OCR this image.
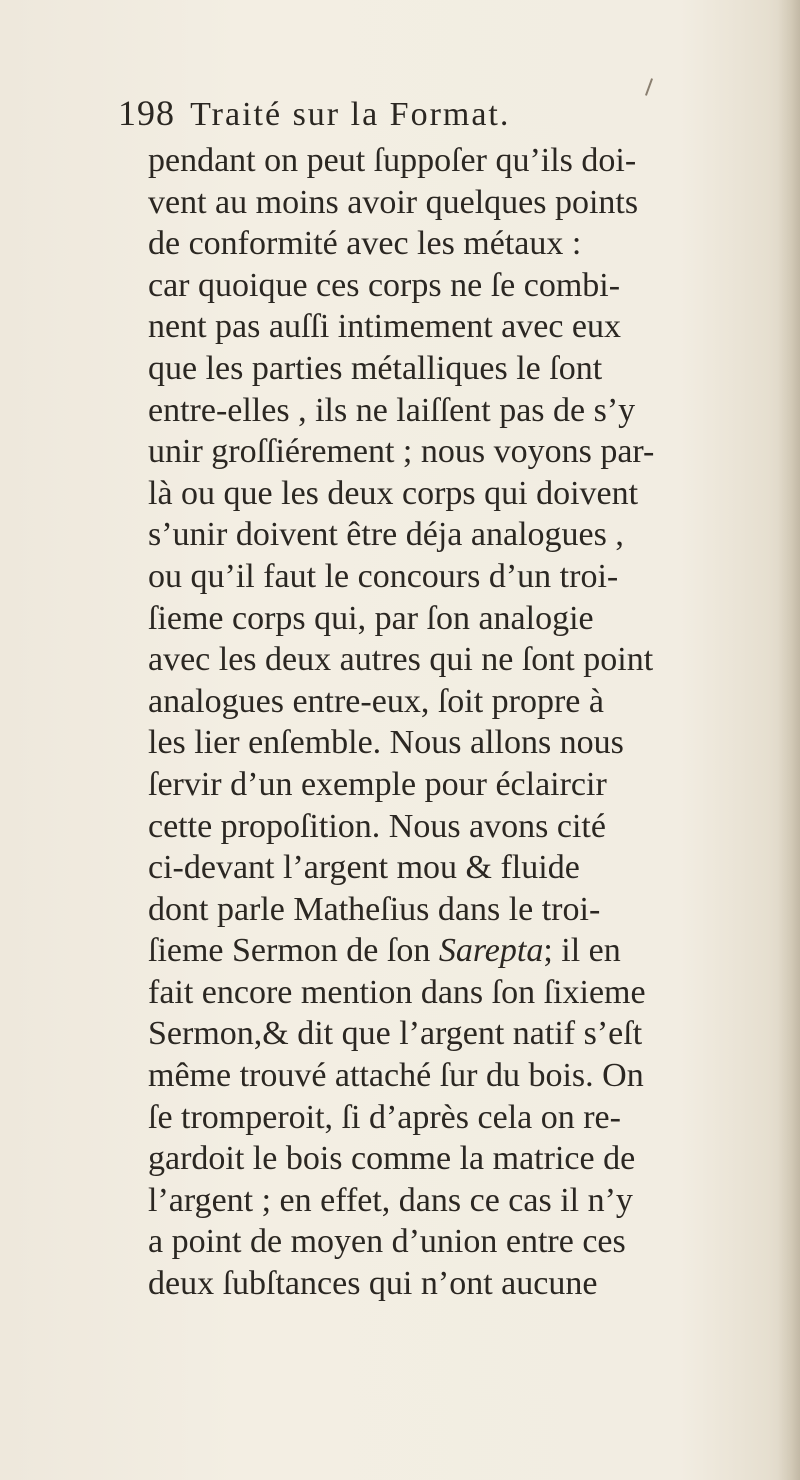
198 Traité sur la Format.
pendant on peut ſuppoſer qu’ils doi-
vent au moins avoir quelques points
de conformité avec les métaux :
car quoique ces corps ne ſe combi-
nent pas auſſi intimement avec eux
que les parties métalliques le ſont
entre-elles , ils ne laiſſent pas de s’y
unir groſſiérement ; nous voyons par-
là ou que les deux corps qui doivent
s’unir doivent être déja analogues ,
ou qu’il faut le concours d’un troi-
ſieme corps qui, par ſon analogie
avec les deux autres qui ne ſont point
analogues entre-eux, ſoit propre à
les lier enſemble. Nous allons nous
ſervir d’un exemple pour éclaircir
cette propoſition. Nous avons cité
ci-devant l’argent mou & fluide
dont parle Matheſius dans le troi-
ſieme Sermon de ſon Sarepta; il en
fait encore mention dans ſon ſixieme
Sermon,& dit que l’argent natif s’eſt
même trouvé attaché ſur du bois. On
ſe tromperoit, ſi d’après cela on re-
gardoit le bois comme la matrice de
l’argent ; en effet, dans ce cas il n’y
a point de moyen d’union entre ces
deux ſubſtances qui n’ont aucune
